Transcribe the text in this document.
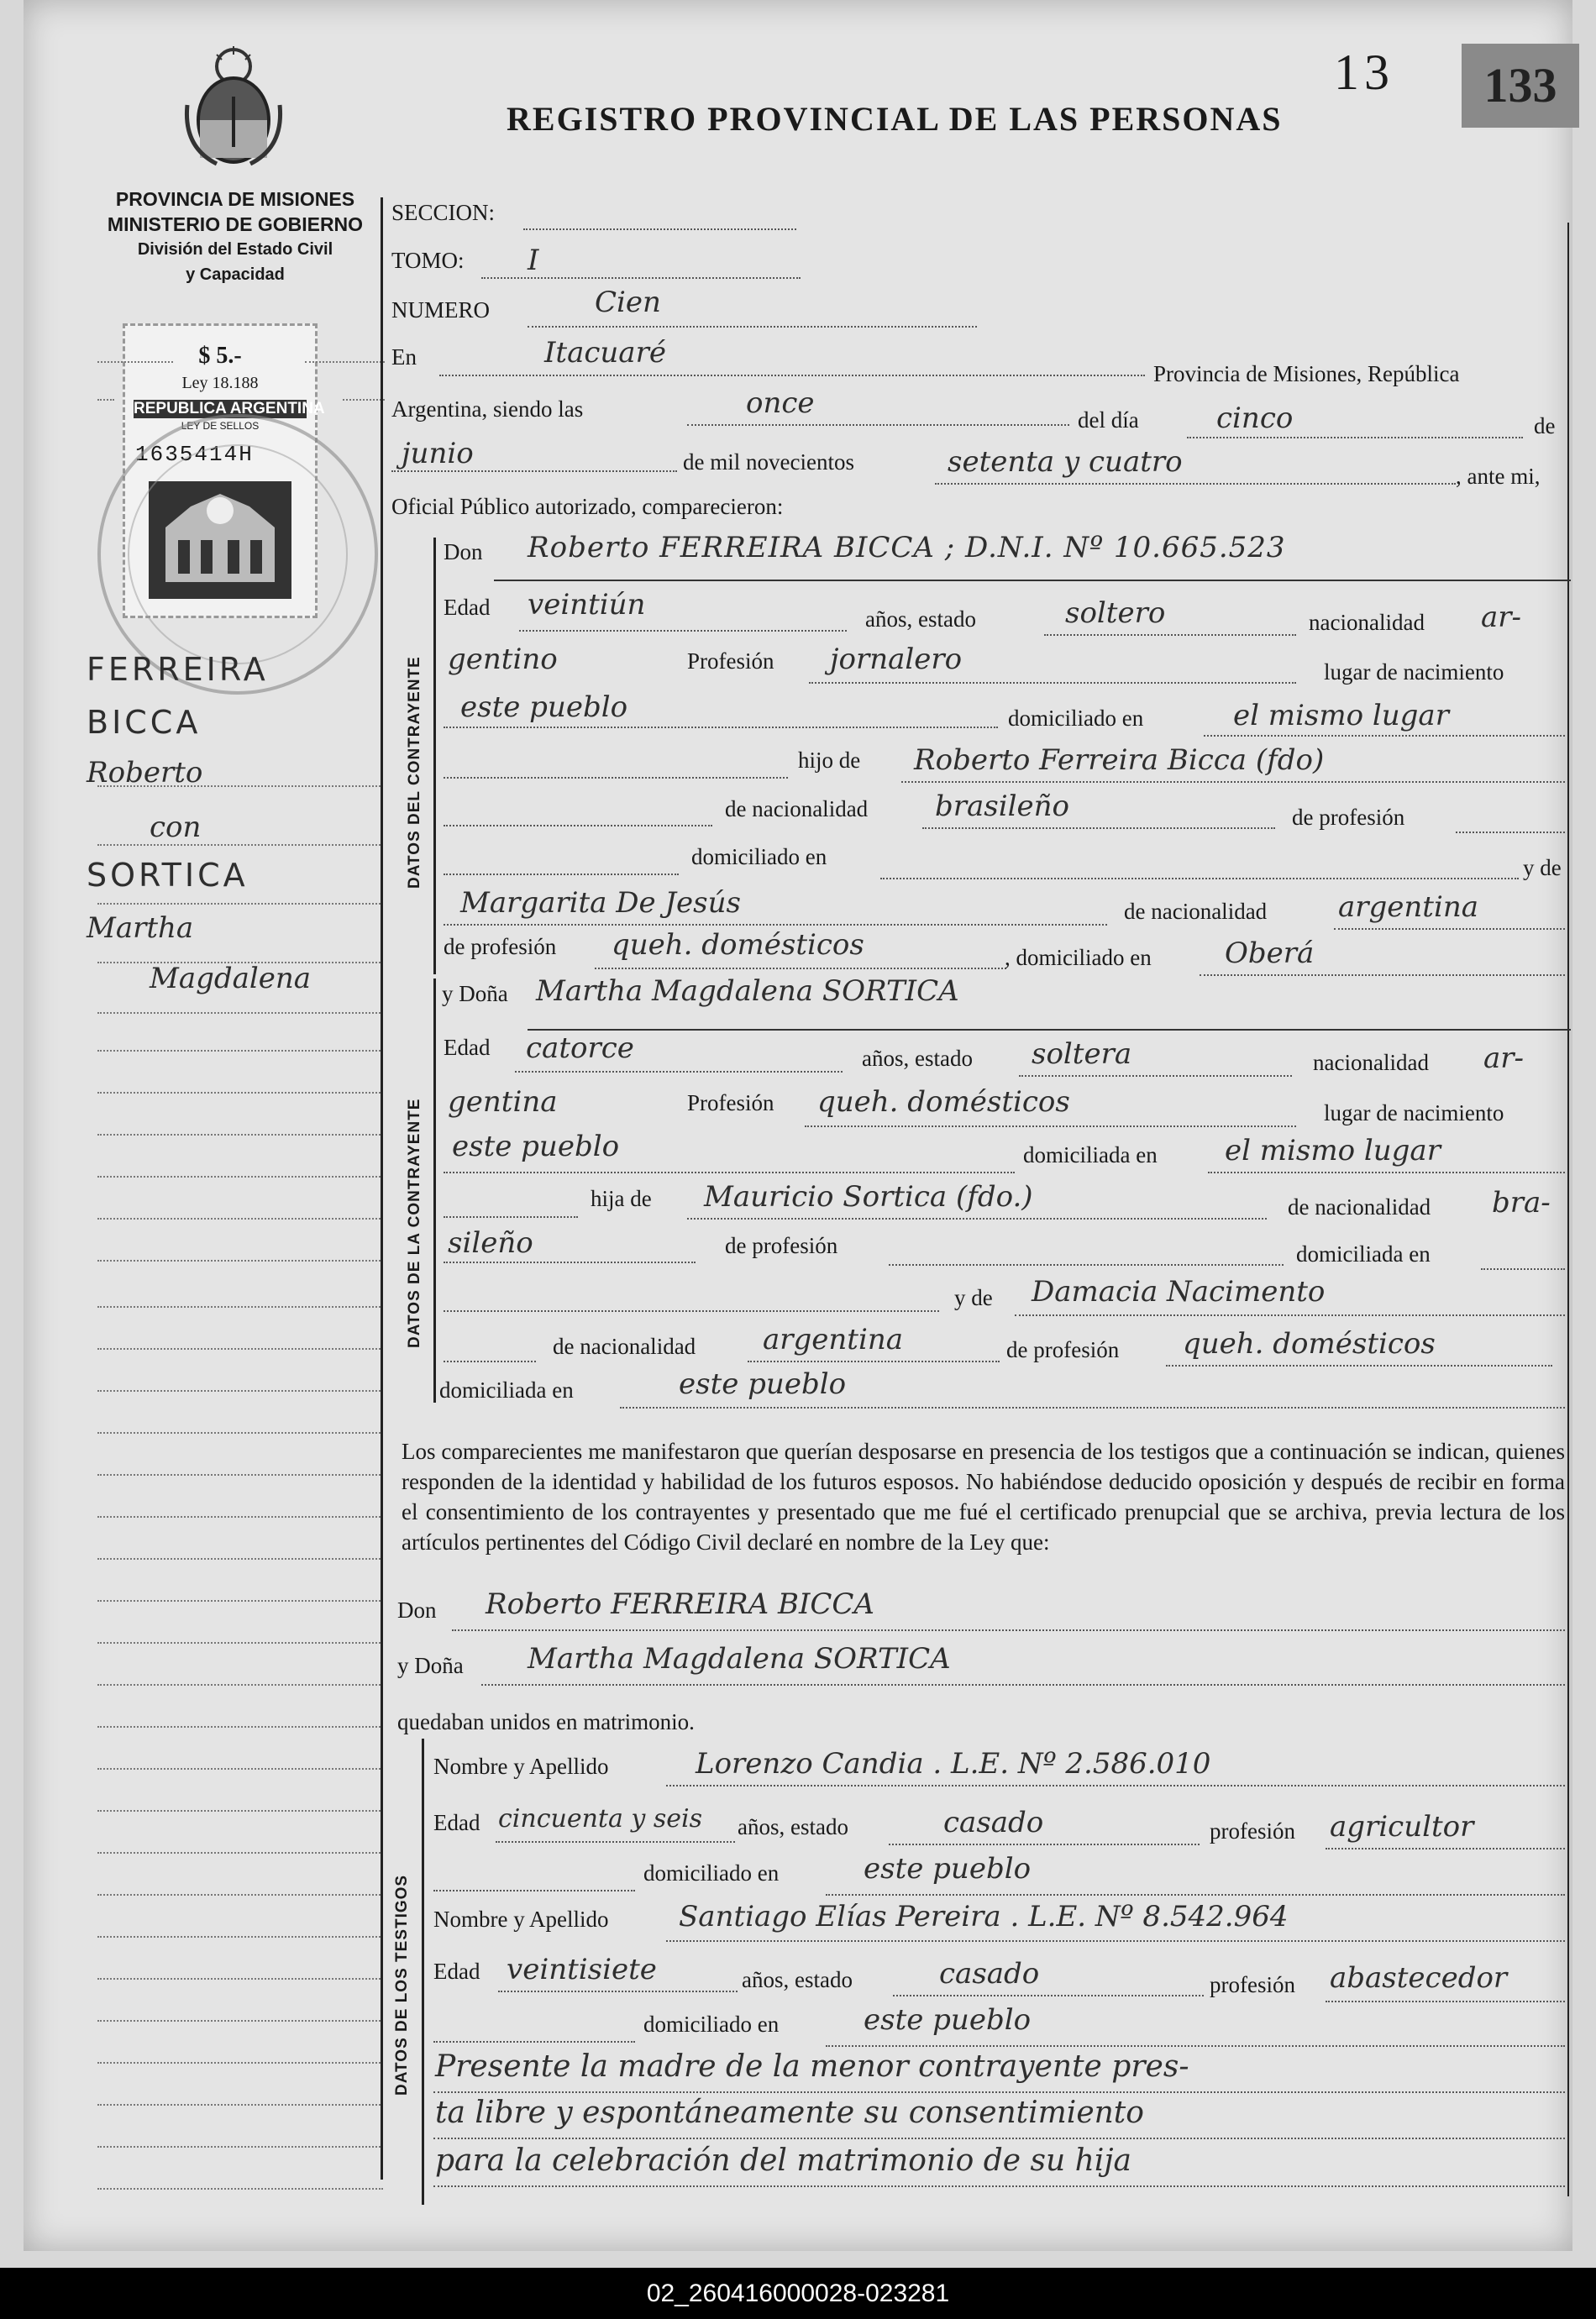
PROVINCIA DE MISIONES
MINISTERIO DE GOBIERNO
División del Estado Civil
y Capacidad
13	133
REGISTRO PROVINCIAL DE LAS PERSONAS
$ 5.-
Ley 18.188
REPUBLICA ARGENTINA
LEY DE SELLOS
1635414H
FERREIRA
BICCA
Roberto
con
SORTICA
Martha
Magdalena
SECCION:
TOMO: I
NUMERO	Cien
En	Itacuaré
Provincia de Misiones, República
Argentina, siendo las	once	del día	cinco	de
junio	de mil novecientos	setenta y cuatro	, ante mi,
Oficial Público autorizado, comparecieron:
DATOS DEL CONTRAYENTE
Don Roberto FERREIRA BICCA ; D.N.I. Nº 10.665.523
Edad veintiún	años, estado	soltero	nacionalidad ar-
gentino	Profesión jornalero	lugar de nacimiento
este pueblo	domiciliado en	el mismo lugar
hijo de Roberto Ferreira Bicca (fdo)
de nacionalidad brasileño	de profesión
domiciliado en	y de
Margarita De Jesús	de nacionalidad argentina
de profesión queh. domésticos	, domiciliado en	Oberá
DATOS DE LA CONTRAYENTE
y Doña Martha Magdalena SORTICA
Edad catorce	años, estado soltera	nacionalidad ar-
gentina	Profesión queh. domésticos	lugar de nacimiento
este pueblo	domiciliada en el mismo lugar
hija de Mauricio Sortica (fdo.)	de nacionalidad bra-
sileño	de profesión	domiciliada en
y de Damacia Nacimento
de nacionalidad argentina	de profesión queh. domésticos
domiciliada en	este pueblo
Los comparecientes me manifestaron que querían desposarse en presencia de los testigos que a continuación se indican, quienes responden de la identidad y habilidad de los futuros esposos. No habiéndose deducido oposición y después de recibir en forma el consentimiento de los contrayentes y presentado que me fué el certificado prenupcial que se archiva, previa lectura de los artículos pertinentes del Código Civil declaré en nombre de la Ley que:
Don Roberto FERREIRA BICCA
y Doña Martha Magdalena SORTICA
quedaban unidos en matrimonio.
DATOS DE LOS TESTIGOS
Nombre y Apellido	Lorenzo Candia . L.E. Nº 2.586.010
Edad cincuenta y seis años, estado	casado	profesión agricultor
domiciliado en	este pueblo
Nombre y Apellido Santiago Elías Pereira . L.E. Nº 8.542.964
Edad veintisiete	años, estado	casado	profesión abastecedor
domiciliado en	este pueblo
Presente la madre de la menor contrayente pres-
ta libre y espontáneamente su consentimiento
para la celebración del matrimonio de su hija
02_260416000028-023281
